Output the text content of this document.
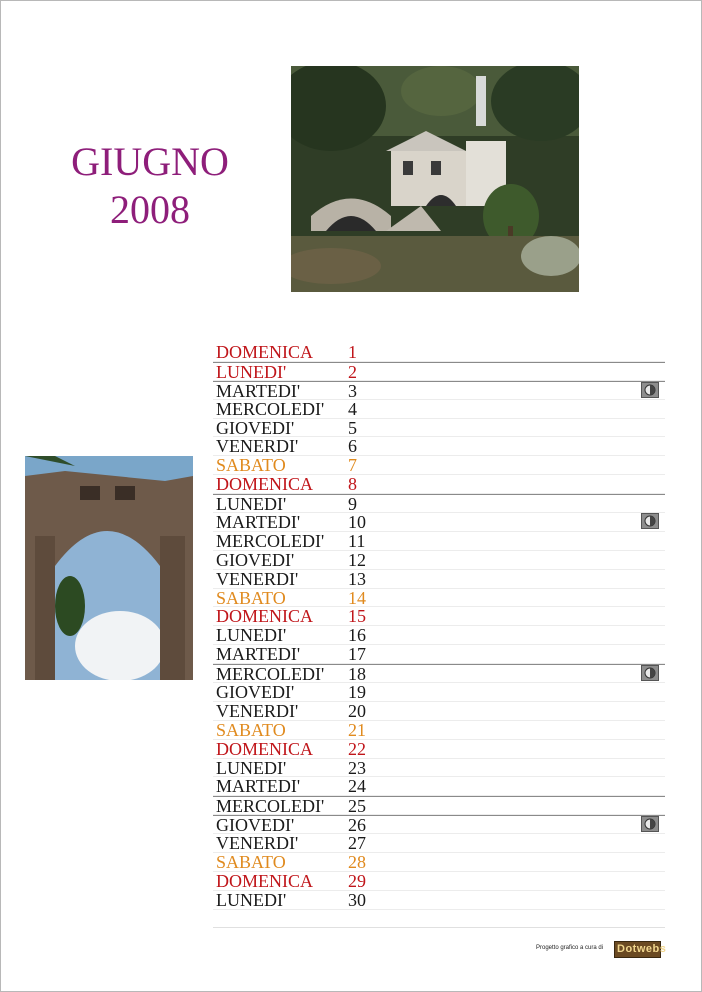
GIUGNO
2008
DOMENICA 1
LUNEDI'	2
MARTEDI'	3
MERCOLEDI' 4
GIOVEDI'	5
VENERDI'	6
SABATO	7
DOMENICA 8
LUNEDI'	9
MARTEDI'	10
MERCOLEDI' 11
GIOVEDI'	12
VENERDI'	13
SABATO	14
DOMENICA 15
LUNEDI'	16
MARTEDI'	17
MERCOLEDI' 18
GIOVEDI'	19
VENERDI'	20
SABATO	21
DOMENICA 22
LUNEDI'	23
MARTEDI'	24
MERCOLEDI' 25
GIOVEDI'	26
VENERDI'	27
SABATO	28
DOMENICA 29
LUNEDI'	30
Progetto grafico a cura di Dotwebs
